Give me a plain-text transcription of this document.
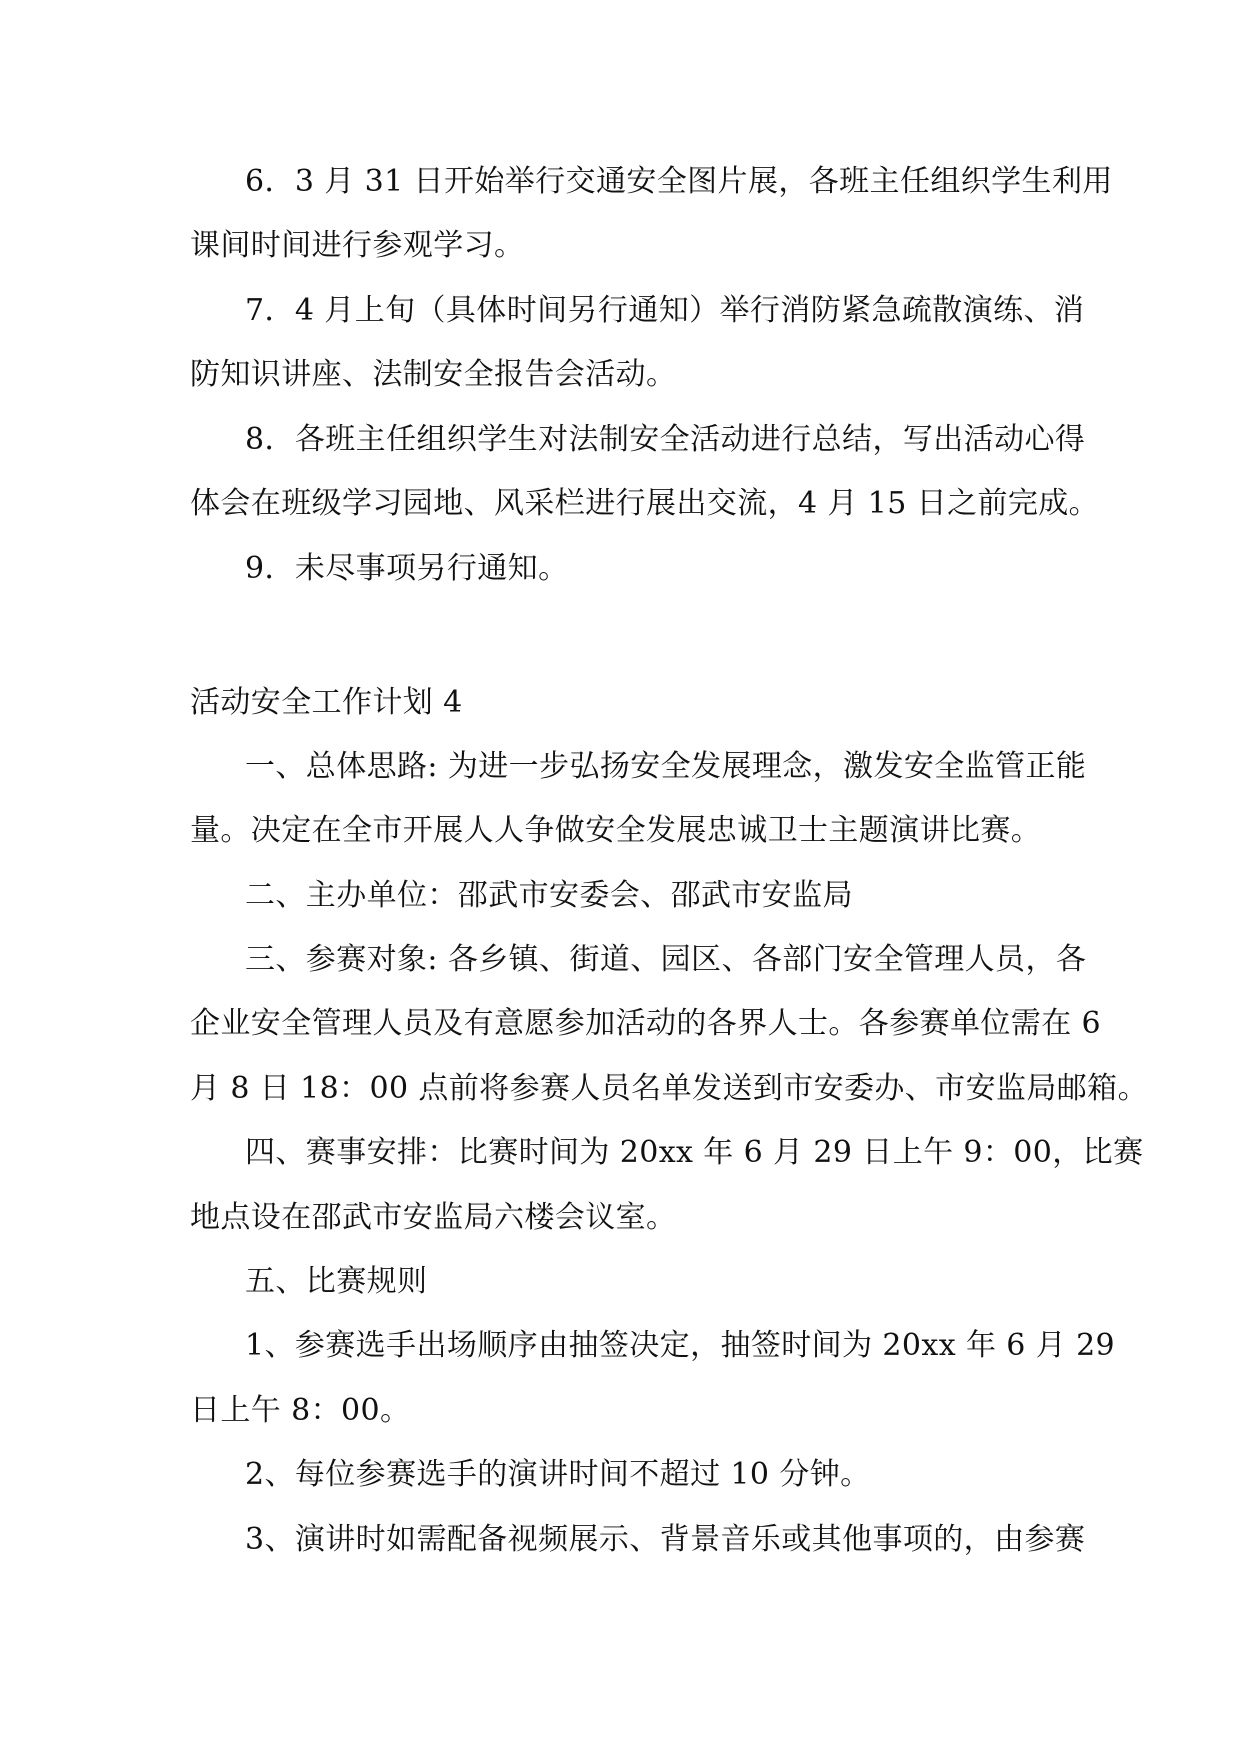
6．3 月 31 日开始举行交通安全图片展，各班主任组织学生利用
课间时间进行参观学习。
7．4 月上旬（具体时间另行通知）举行消防紧急疏散演练、消
防知识讲座、法制安全报告会活动。
8．各班主任组织学生对法制安全活动进行总结，写出活动心得
体会在班级学习园地、风采栏进行展出交流，4 月 15 日之前完成。
9．未尽事项另行通知。
活动安全工作计划 4
一、总体思路: 为进一步弘扬安全发展理念，激发安全监管正能
量。决定在全市开展人人争做安全发展忠诚卫士主题演讲比赛。
二、主办单位：邵武市安委会、邵武市安监局
三、参赛对象: 各乡镇、街道、园区、各部门安全管理人员，各
企业安全管理人员及有意愿参加活动的各界人士。各参赛单位需在 6
月 8 日 18：00 点前将参赛人员名单发送到市安委办、市安监局邮箱。
四、赛事安排：比赛时间为 20xx 年 6 月 29 日上午 9：00，比赛
地点设在邵武市安监局六楼会议室。
五、比赛规则
1、参赛选手出场顺序由抽签决定，抽签时间为 20xx 年 6 月 29
日上午 8：00。
2、每位参赛选手的演讲时间不超过 10 分钟。
3、演讲时如需配备视频展示、背景音乐或其他事项的，由参赛
